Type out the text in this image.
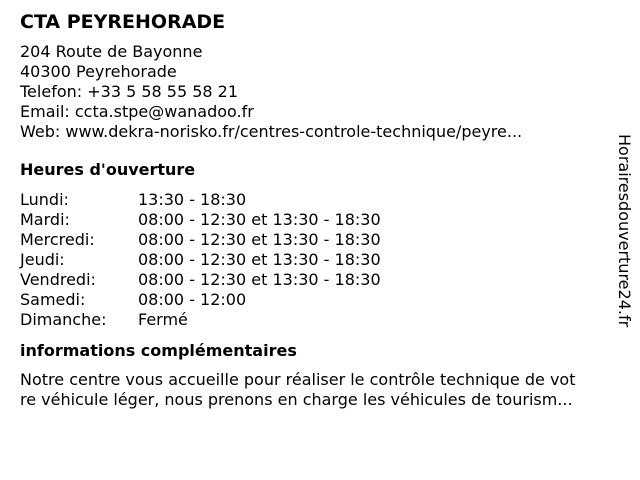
CTA PEYREHORADE
204 Route de Bayonne
40300 Peyrehorade
Telefon: +33 5 58 55 58 21
Email: ccta.stpe@wanadoo.fr
Web: www.dekra-norisko.fr/centres-controle-technique/peyre...
Heures d'ouverture
Lundi:	13:30 - 18:30
Mardi:	08:00 - 12:30 et 13:30 - 18:30
Mercredi:	08:00 - 12:30 et 13:30 - 18:30
Jeudi:	08:00 - 12:30 et 13:30 - 18:30
Vendredi:	08:00 - 12:30 et 13:30 - 18:30
Samedi:	08:00 - 12:00
Dimanche:	Fermé
informations complémentaires
Notre centre vous accueille pour réaliser le contrôle technique de vot
re véhicule léger, nous prenons en charge les véhicules de tourism...
Horairesdouverture24.fr
